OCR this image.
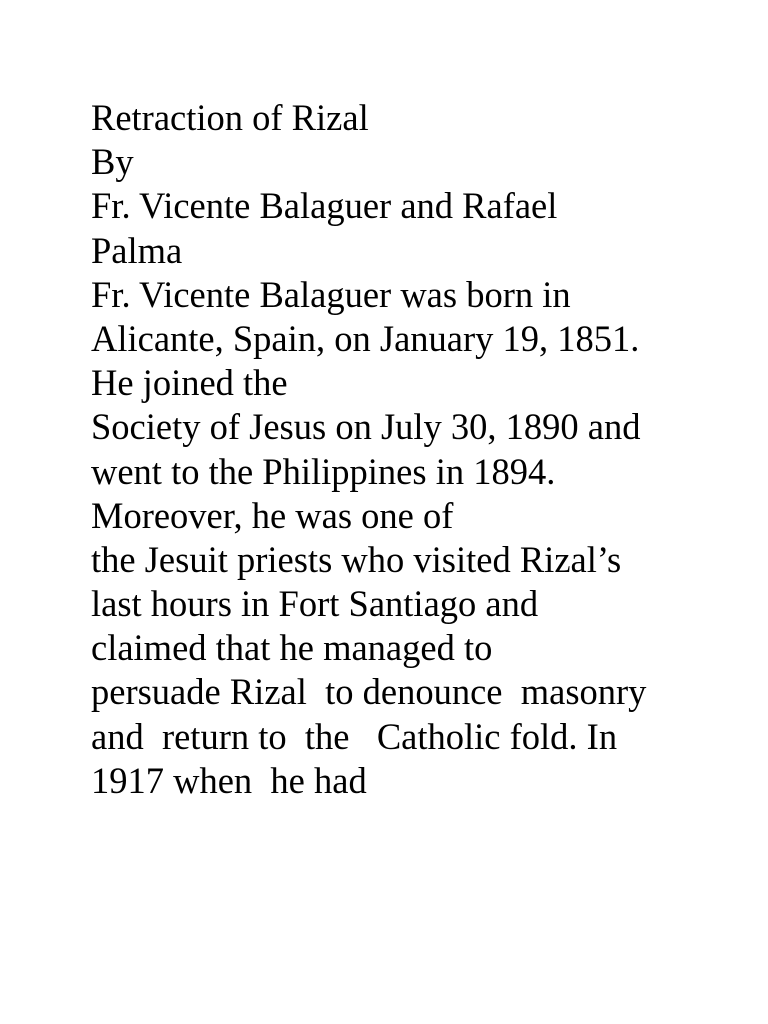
Retraction of Rizal
By
Fr. Vicente Balaguer and Rafael
Palma
Fr. Vicente Balaguer was born in
Alicante, Spain, on January 19, 1851.
He joined the
Society of Jesus on July 30, 1890 and
went to the Philippines in 1894.
Moreover, he was one of
the Jesuit priests who visited Rizal’s
last hours in Fort Santiago and
claimed that he managed to
persuade Rizal  to denounce  masonry
and  return to  the   Catholic fold. In
1917 when  he had
